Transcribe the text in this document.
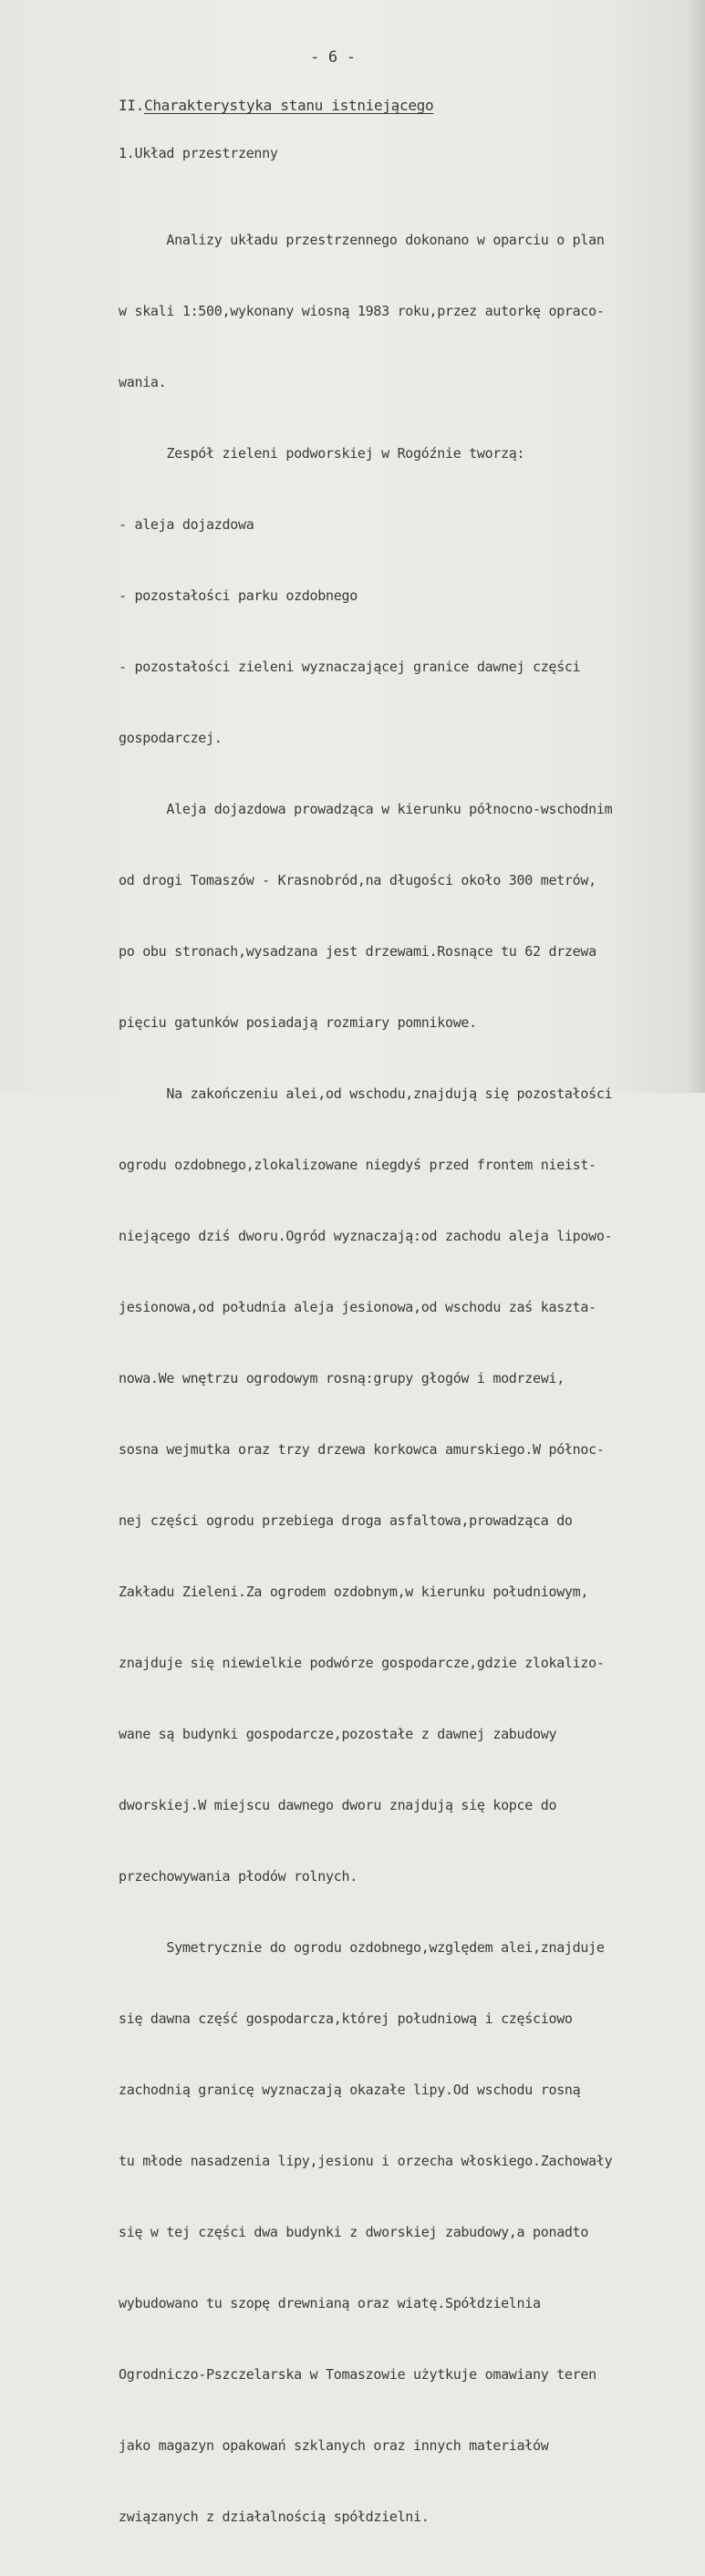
- 6 -
II.Charakterystyka stanu istniejącego
1.Układ przestrzenny

Analizy układu przestrzennego dokonano w oparciu o plan

w skali 1:500,wykonany wiosną 1983 roku,przez autorkę opraco-

wania.

Zespół zieleni podworskiej w Rogóźnie tworzą:

- aleja dojazdowa

- pozostałości parku ozdobnego

- pozostałości zieleni wyznaczającej granice dawnej części

gospodarczej.

Aleja dojazdowa prowadząca w kierunku północno-wschodnim

od drogi Tomaszów - Krasnobród,na długości około 300 metrów,

po obu stronach,wysadzana jest drzewami.Rosnące tu 62 drzewa

pięciu gatunków posiadają rozmiary pomnikowe.

Na zakończeniu alei,od wschodu,znajdują się pozostałości

ogrodu ozdobnego,zlokalizowane niegdyś przed frontem nieist-

niejącego dziś dworu.Ogród wyznaczają:od zachodu aleja lipowo-

jesionowa,od południa aleja jesionowa,od wschodu zaś kaszta-

nowa.We wnętrzu ogrodowym rosną:grupy głogów i modrzewi,

sosna wejmutka oraz trzy drzewa korkowca amurskiego.W północ-

nej części ogrodu przebiega droga asfaltowa,prowadząca do

Zakładu Zieleni.Za ogrodem ozdobnym,w kierunku południowym,

znajduje się niewielkie podwórze gospodarcze,gdzie zlokalizo-

wane są budynki gospodarcze,pozostałe z dawnej zabudowy

dworskiej.W miejscu dawnego dworu znajdują się kopce do

przechowywania płodów rolnych.

Symetrycznie do ogrodu ozdobnego,względem alei,znajduje

się dawna część gospodarcza,której południową i częściowo

zachodnią granicę wyznaczają okazałe lipy.Od wschodu rosną

tu młode nasadzenia lipy,jesionu i orzecha włoskiego.Zachowały

się w tej części dwa budynki z dworskiej zabudowy,a ponadto

wybudowano tu szopę drewnianą oraz wiatę.Spółdzielnia

Ogrodniczo-Pszczelarska w Tomaszowie użytkuje omawiany teren

jako magazyn opakowań szklanych oraz innych materiałów

związanych z działalnością spółdzielni.
